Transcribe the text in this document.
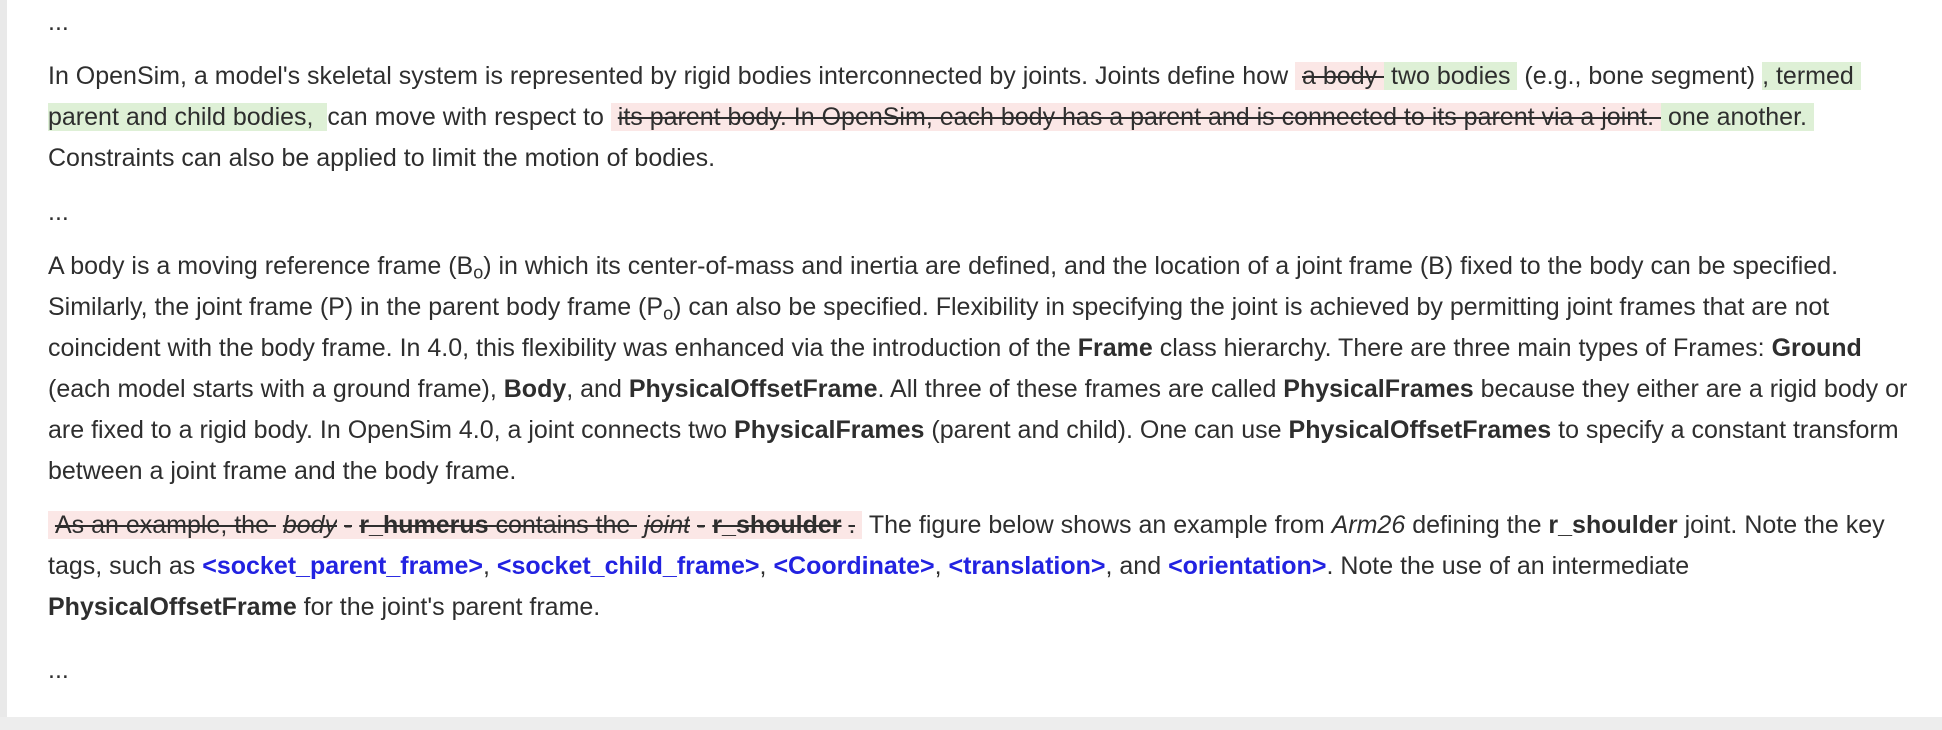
...

In OpenSim, a model's skeletal system is represented by rigid bodies interconnected by joints. Joints define how  a body  two bodies  (e.g., bone segment) , termed parent and child bodies,  can move with respect to  its parent body. In OpenSim, each body has a parent and is connected to its parent via a joint.  one another.  Constraints can also be applied to limit the motion of bodies.

...

A body is a moving reference frame $(B_o)$ in which its center-of-mass and inertia are defined, and the location of a joint frame (B) fixed to the body can be specified. Similarly, the joint frame (P) in the parent body frame $(P_o)$ can also be specified. Flexibility in specifying the joint is achieved by permitting joint frames that are not coincident with the body frame. In 4.0, this flexibility was enhanced via the introduction of the Frame class hierarchy. There are three main types of Frames: Ground (each model starts with a ground frame), Body, and PhysicalOffsetFrame. All three of these frames are called PhysicalFrames because they either are a rigid body or are fixed to a rigid body. In OpenSim 4.0, a joint connects two PhysicalFrames (parent and child). One can use PhysicalOffsetFrames to specify a constant transform between a joint frame and the body frame.

As an example, the  body - r_humerus contains the  joint - r_shoulder .  The figure below shows an example from Arm26 defining the r_shoulder joint. Note the key tags, such as <socket_parent_frame>, <socket_child_frame>, <Coordinate>, <translation>, and <orientation>. Note the use of an intermediate PhysicalOffsetFrame for the joint's parent frame.

...
